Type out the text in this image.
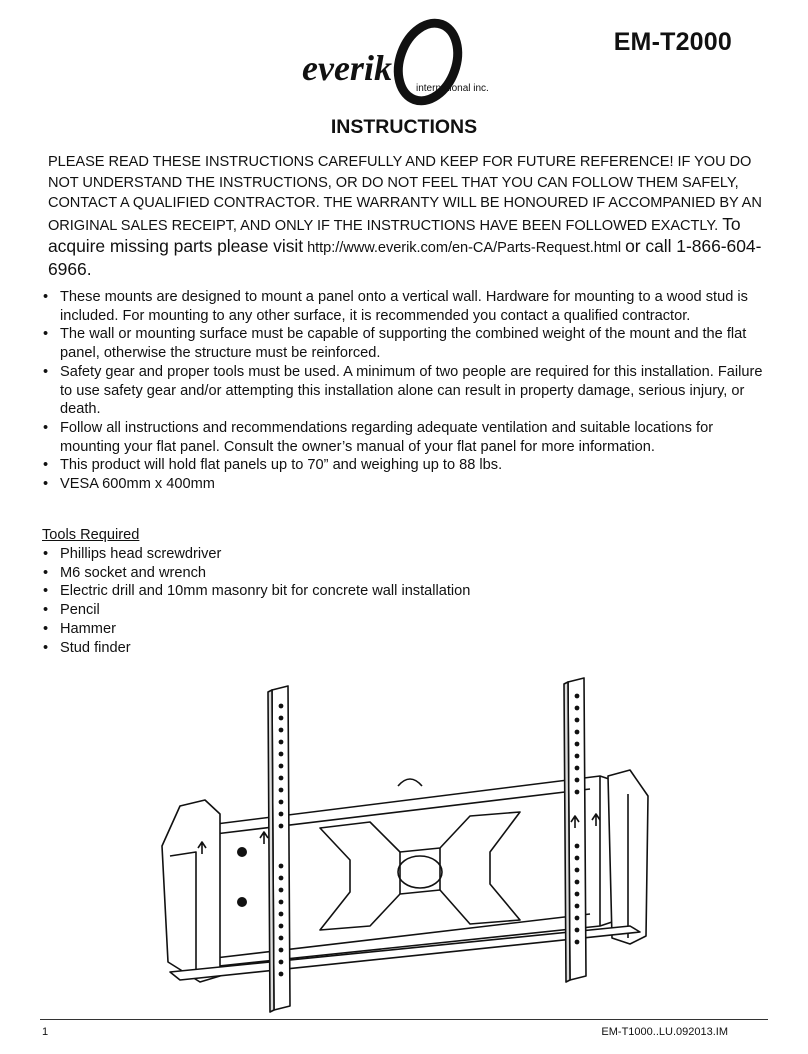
everik
international inc.
EM-T2000
INSTRUCTIONS
PLEASE READ THESE INSTRUCTIONS CAREFULLY AND KEEP FOR FUTURE REFERENCE! IF YOU DO NOT UNDERSTAND THE INSTRUCTIONS, OR DO NOT FEEL THAT YOU CAN FOLLOW THEM SAFELY, CONTACT A QUALIFIED CONTRACTOR. THE WARRANTY WILL BE HONOURED IF ACCOMPANIED BY AN ORIGINAL SALES RECEIPT, AND ONLY IF THE INSTRUCTIONS HAVE BEEN FOLLOWED EXACTLY. To acquire missing parts please visit http://www.everik.com/en-CA/Parts-Request.html or call 1-866-604-6966.
• These mounts are designed to mount a panel onto a vertical wall. Hardware for mounting to a wood stud is included. For mounting to any other surface, it is recommended you contact a qualified contractor.
• The wall or mounting surface must be capable of supporting the combined weight of the mount and the flat panel, otherwise the structure must be reinforced.
• Safety gear and proper tools must be used. A minimum of two people are required for this installation. Failure to use safety gear and/or attempting this installation alone can result in property damage, serious injury, or death.
• Follow all instructions and recommendations regarding adequate ventilation and suitable locations for mounting your flat panel. Consult the owner’s manual of your flat panel for more information.
• This product will hold flat panels up to 70” and weighing up to 88 lbs.
• VESA 600mm x 400mm
Tools Required
• Phillips head screwdriver
• M6 socket and wrench
• Electric drill and 10mm masonry bit for concrete wall installation
• Pencil
• Hammer
• Stud finder
1	EM-T1000..LU.092013.IM
